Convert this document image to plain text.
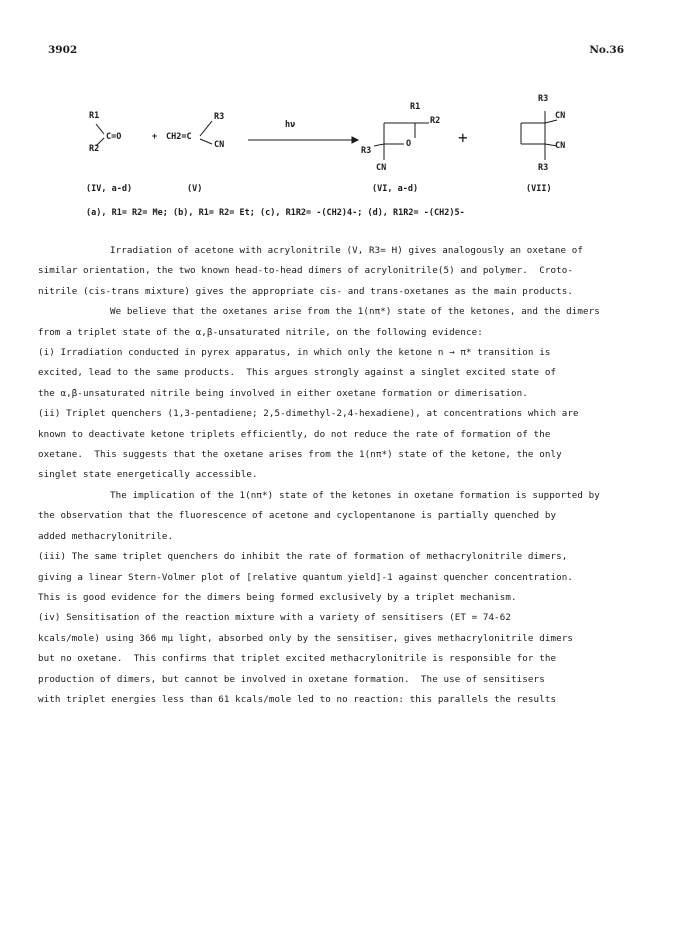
3902	No.36
R1
R2
C=O	+ CH2=C
R3
CN
hν
R1
R2
R3
O
CN
+
R3
CN
CN
R3
(IV, a-d)	(V)	(VI, a-d)	(VII)
(a), R1= R2= Me; (b), R1= R2= Et; (c), R1R2= -(CH2)4-; (d), R1R2= -(CH2)5-

Irradiation of acetone with acrylonitrile (V, R3= H) gives analogously an oxetane of

similar orientation, the two known head-to-head dimers of acrylonitrile(5) and polymer.  Croto-

nitrile (cis-trans mixture) gives the appropriate cis- and trans-oxetanes as the main products.

We believe that the oxetanes arise from the 1(nπ*) state of the ketones, and the dimers

from a triplet state of the α,β-unsaturated nitrile, on the following evidence:

(i) Irradiation conducted in pyrex apparatus, in which only the ketone n → π* transition is

excited, lead to the same products.  This argues strongly against a singlet excited state of

the α,β-unsaturated nitrile being involved in either oxetane formation or dimerisation.

(ii) Triplet quenchers (1,3-pentadiene; 2,5-dimethyl-2,4-hexadiene), at concentrations which are

known to deactivate ketone triplets efficiently, do not reduce the rate of formation of the

oxetane.  This suggests that the oxetane arises from the 1(nπ*) state of the ketone, the only

singlet state energetically accessible.

The implication of the 1(nπ*) state of the ketones in oxetane formation is supported by

the observation that the fluorescence of acetone and cyclopentanone is partially quenched by

added methacrylonitrile.

(iii) The same triplet quenchers do inhibit the rate of formation of methacrylonitrile dimers,

giving a linear Stern-Volmer plot of [relative quantum yield]-1 against quencher concentration.

This is good evidence for the dimers being formed exclusively by a triplet mechanism.

(iv) Sensitisation of the reaction mixture with a variety of sensitisers (ET = 74-62

kcals/mole) using 366 mμ light, absorbed only by the sensitiser, gives methacrylonitrile dimers

but no oxetane.  This confirms that triplet excited methacrylonitrile is responsible for the

production of dimers, but cannot be involved in oxetane formation.  The use of sensitisers

with triplet energies less than 61 kcals/mole led to no reaction: this parallels the results
